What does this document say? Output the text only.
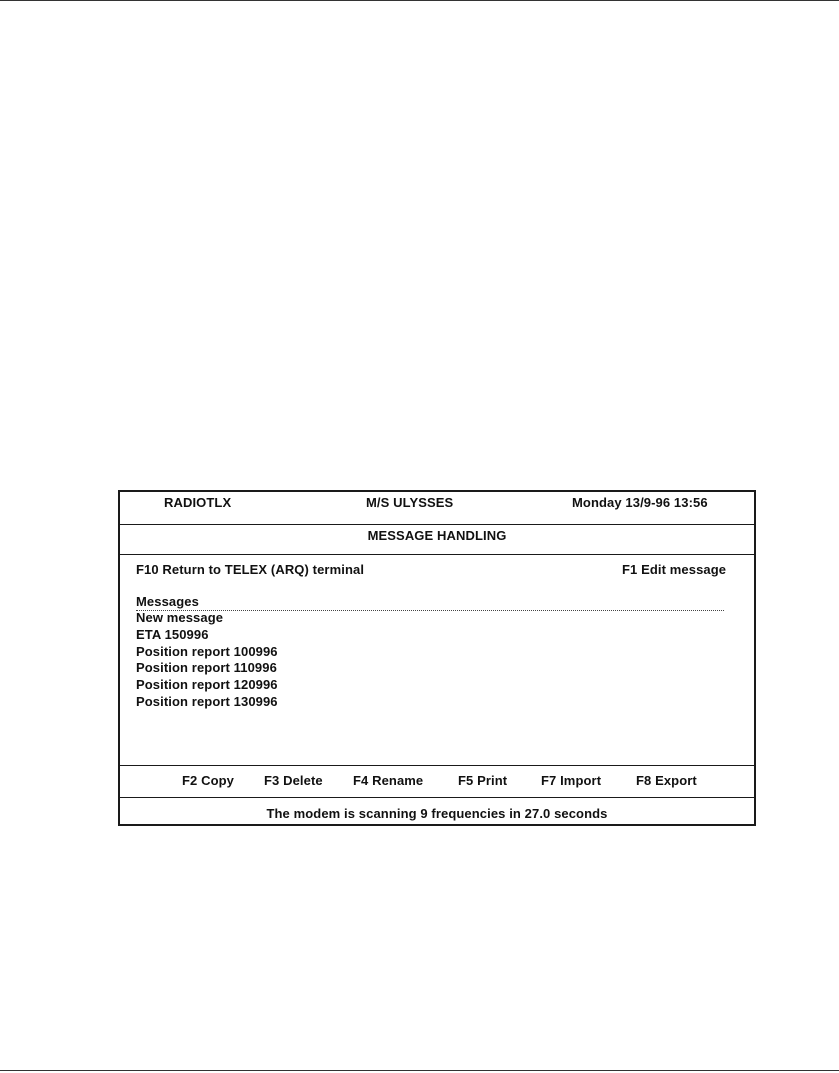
RADIOTLX	M/S ULYSSES	Monday 13/9-96 13:56
MESSAGE HANDLING
F10 Return to TELEX (ARQ) terminal	F1 Edit message
Messages
New message
ETA 150996
Position report 100996
Position report 110996
Position report 120996
Position report 130996
F2 Copy F3 Delete F4 Rename	F5 Print	F7 Import	F8 Export
The modem is scanning 9 frequencies in 27.0 seconds
